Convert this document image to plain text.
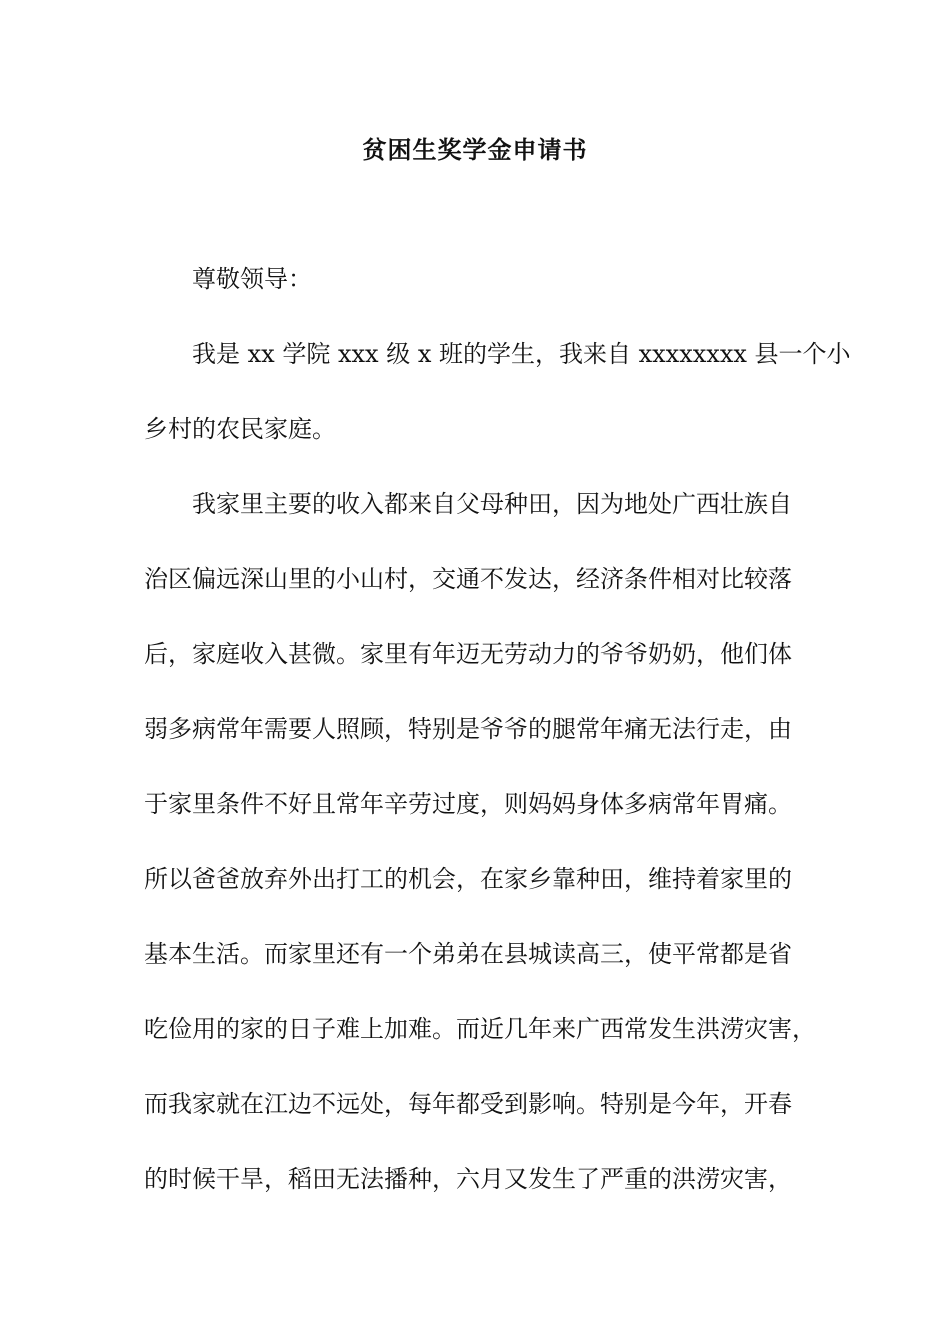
贫困生奖学金申请书
尊敬领导：
我是 xx 学院 xxx 级 x 班的学生，我来自 xxxxxxxx 县一个小
乡村的农民家庭。
我家里主要的收入都来自父母种田，因为地处广西壮族自
治区偏远深山里的小山村，交通不发达，经济条件相对比较落
后，家庭收入甚微。家里有年迈无劳动力的爷爷奶奶，他们体
弱多病常年需要人照顾，特别是爷爷的腿常年痛无法行走，由
于家里条件不好且常年辛劳过度，则妈妈身体多病常年胃痛。
所以爸爸放弃外出打工的机会，在家乡靠种田，维持着家里的
基本生活。而家里还有一个弟弟在县城读高三，使平常都是省
吃俭用的家的日子难上加难。而近几年来广西常发生洪涝灾害，
而我家就在江边不远处，每年都受到影响。特别是今年，开春
的时候干旱，稻田无法播种，六月又发生了严重的洪涝灾害，
